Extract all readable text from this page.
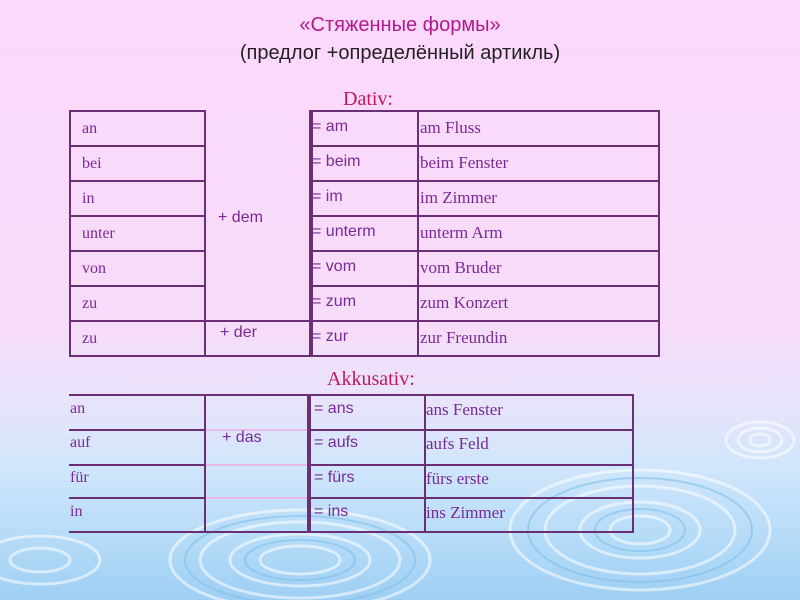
«Стяженные формы»
(предлог +определённый артикль)
Dativ:
Akkusativ:
an
bei
in
unter
von
zu
zu
+ dem
+ der
= am
= beim
= im
= unterm
= vom
= zum
= zur
am Fluss
beim Fenster
im Zimmer
unterm Arm
vom Bruder
zum Konzert
zur Freundin
an
auf
für
in
+ das
= ans
= aufs
= fürs
= ins
ans Fenster
aufs Feld
fürs erste
ins Zimmer
